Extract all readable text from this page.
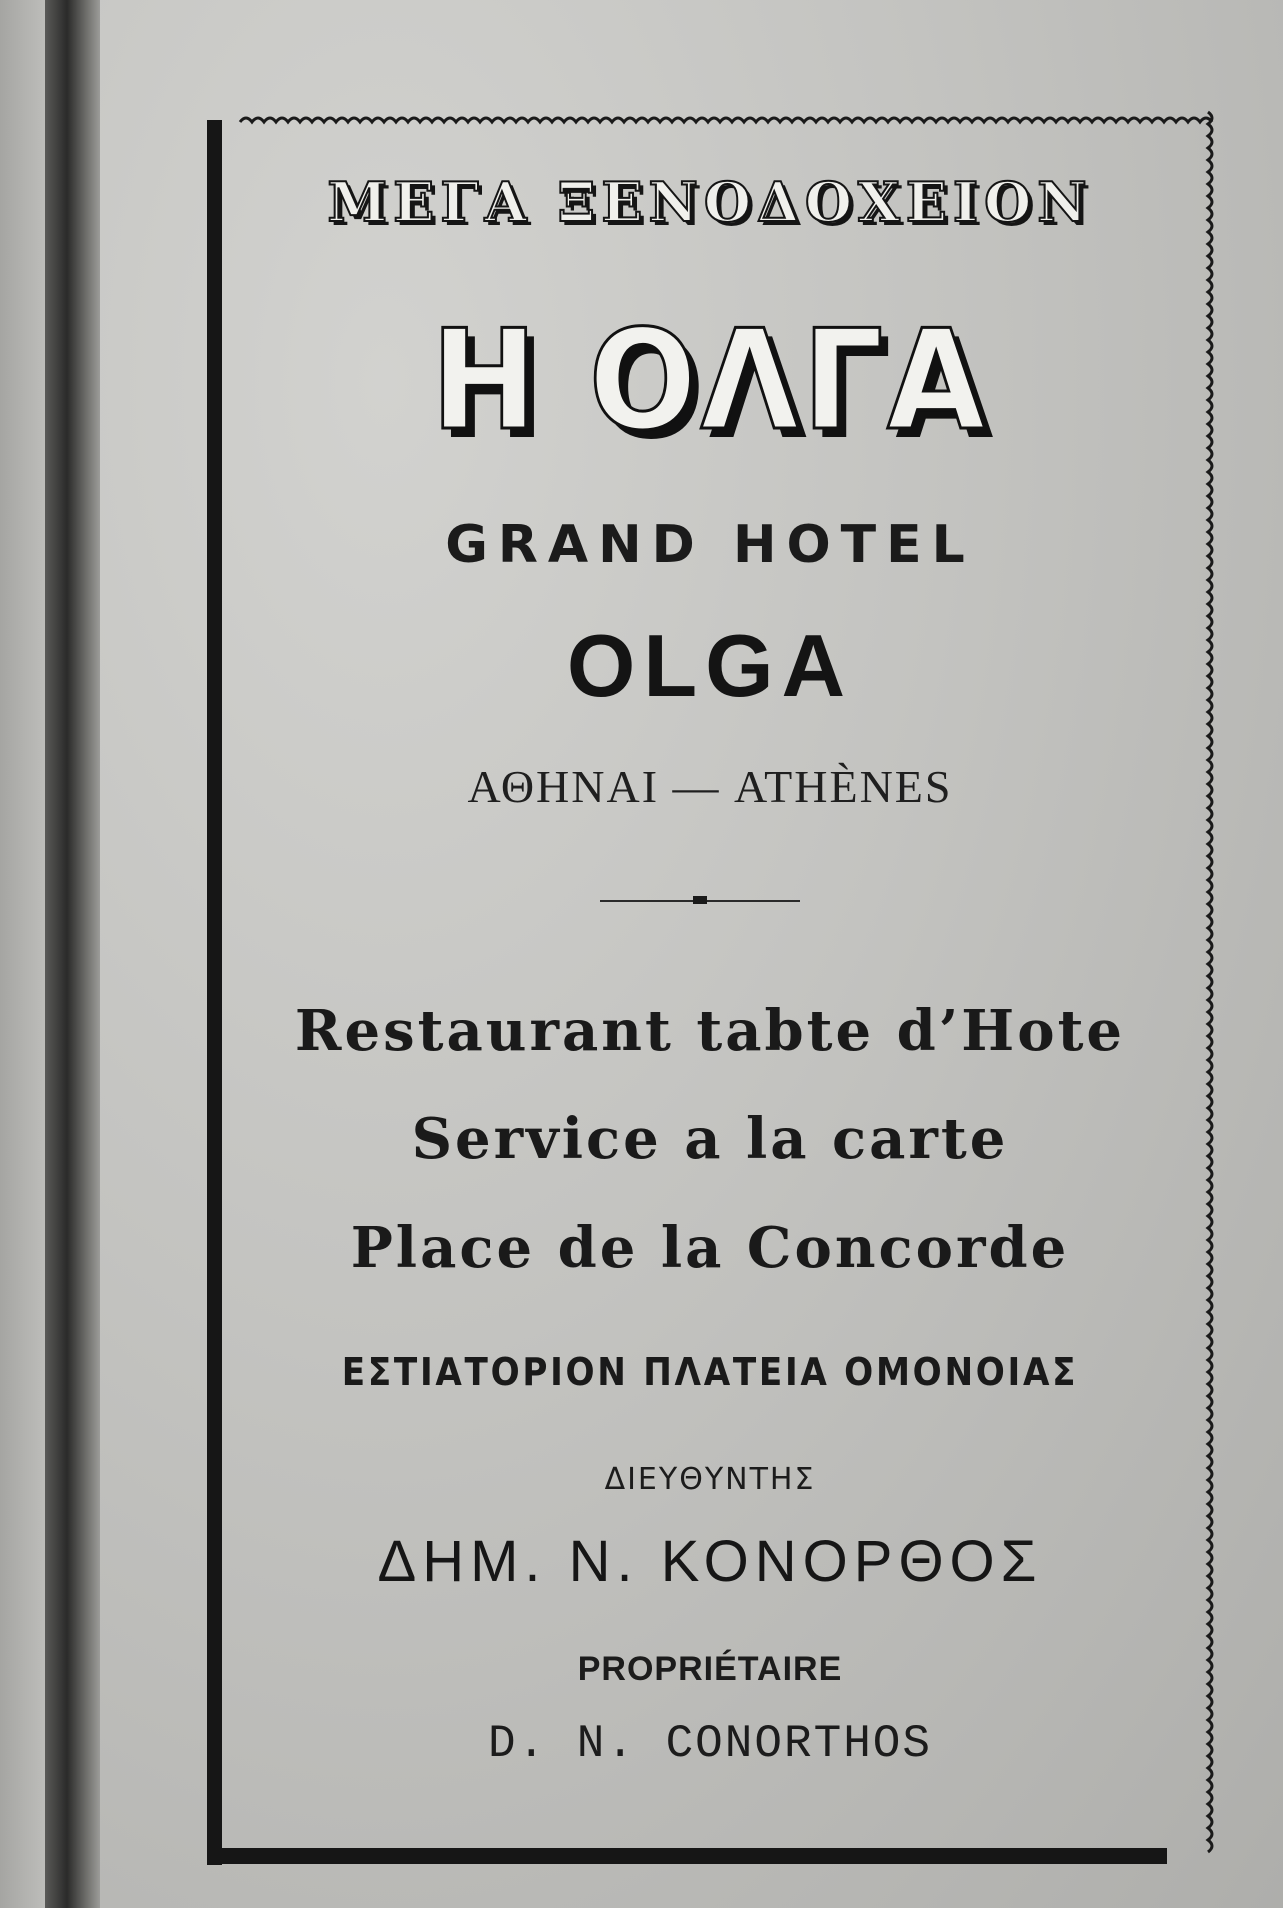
ΜΕΓΑ ΞΕΝΟΔΟΧΕΙΟΝ
Η ΟΛΓΑ
GRAND HOTEL
OLGA
ΑΘΗΝΑΙ — ATHÈNES
Restaurant tabte d’Hote
Service a la carte
Place de la Concorde
ΕΣΤΙΑΤΟΡΙΟΝ ΠΛΑΤΕΙΑ ΟΜΟΝΟΙΑΣ
ΔΙΕΥΘΥΝΤΗΣ
ΔΗΜ. Ν. ΚΟΝΟΡΘΟΣ
PROPRIÉTAIRE
D. N. CONORTHOS
